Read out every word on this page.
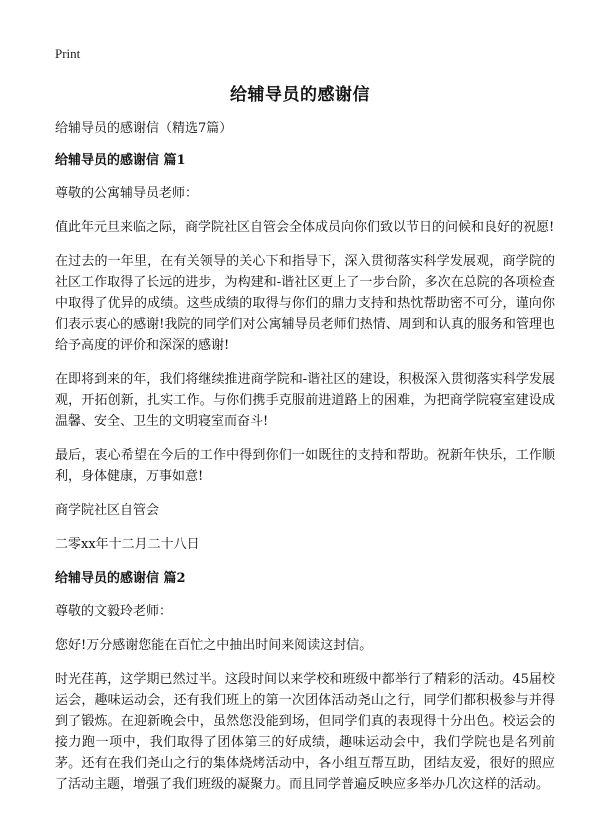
Print
给辅导员的感谢信

给辅导员的感谢信（精选7篇）

给辅导员的感谢信 篇1

尊敬的公寓辅导员老师：

值此年元旦来临之际，商学院社区自管会全体成员向你们致以节日的问候和良好的祝愿!

在过去的一年里，在有关领导的关心下和指导下，深入贯彻落实科学发展观，商学院的社区工作取得了长远的进步，为构建和-谐社区更上了一步台阶，多次在总院的各项检查中取得了优异的成绩。这些成绩的取得与你们的鼎力支持和热忱帮助密不可分，谨向你们表示衷心的感谢!我院的同学们对公寓辅导员老师们热情、周到和认真的服务和管理也给予高度的评价和深深的感谢!

在即将到来的年，我们将继续推进商学院和-谐社区的建设，积极深入贯彻落实科学发展观，开拓创新，扎实工作。与你们携手克服前进道路上的困难，为把商学院寝室建设成温馨、安全、卫生的文明寝室而奋斗!

最后，衷心希望在今后的工作中得到你们一如既往的支持和帮助。祝新年快乐，工作顺利，身体健康，万事如意!

商学院社区自管会

二零xx年十二月二十八日

给辅导员的感谢信 篇2

尊敬的文毅玲老师：

您好!万分感谢您能在百忙之中抽出时间来阅读这封信。

时光荏苒，这学期已然过半。这段时间以来学校和班级中都举行了精彩的活动。45届校运会，趣味运动会，还有我们班上的第一次团体活动尧山之行，同学们都积极参与并得到了锻炼。在迎新晚会中，虽然您没能到场，但同学们真的表现得十分出色。校运会的接力跑一项中，我们取得了团体第三的好成绩，趣味运动会中，我们学院也是名列前茅。还有在我们尧山之行的集体烧烤活动中，各小组互帮互助，团结友爱，很好的照应了活动主题，增强了我们班级的凝聚力。而且同学普遍反映应多举办几次这样的活动。
